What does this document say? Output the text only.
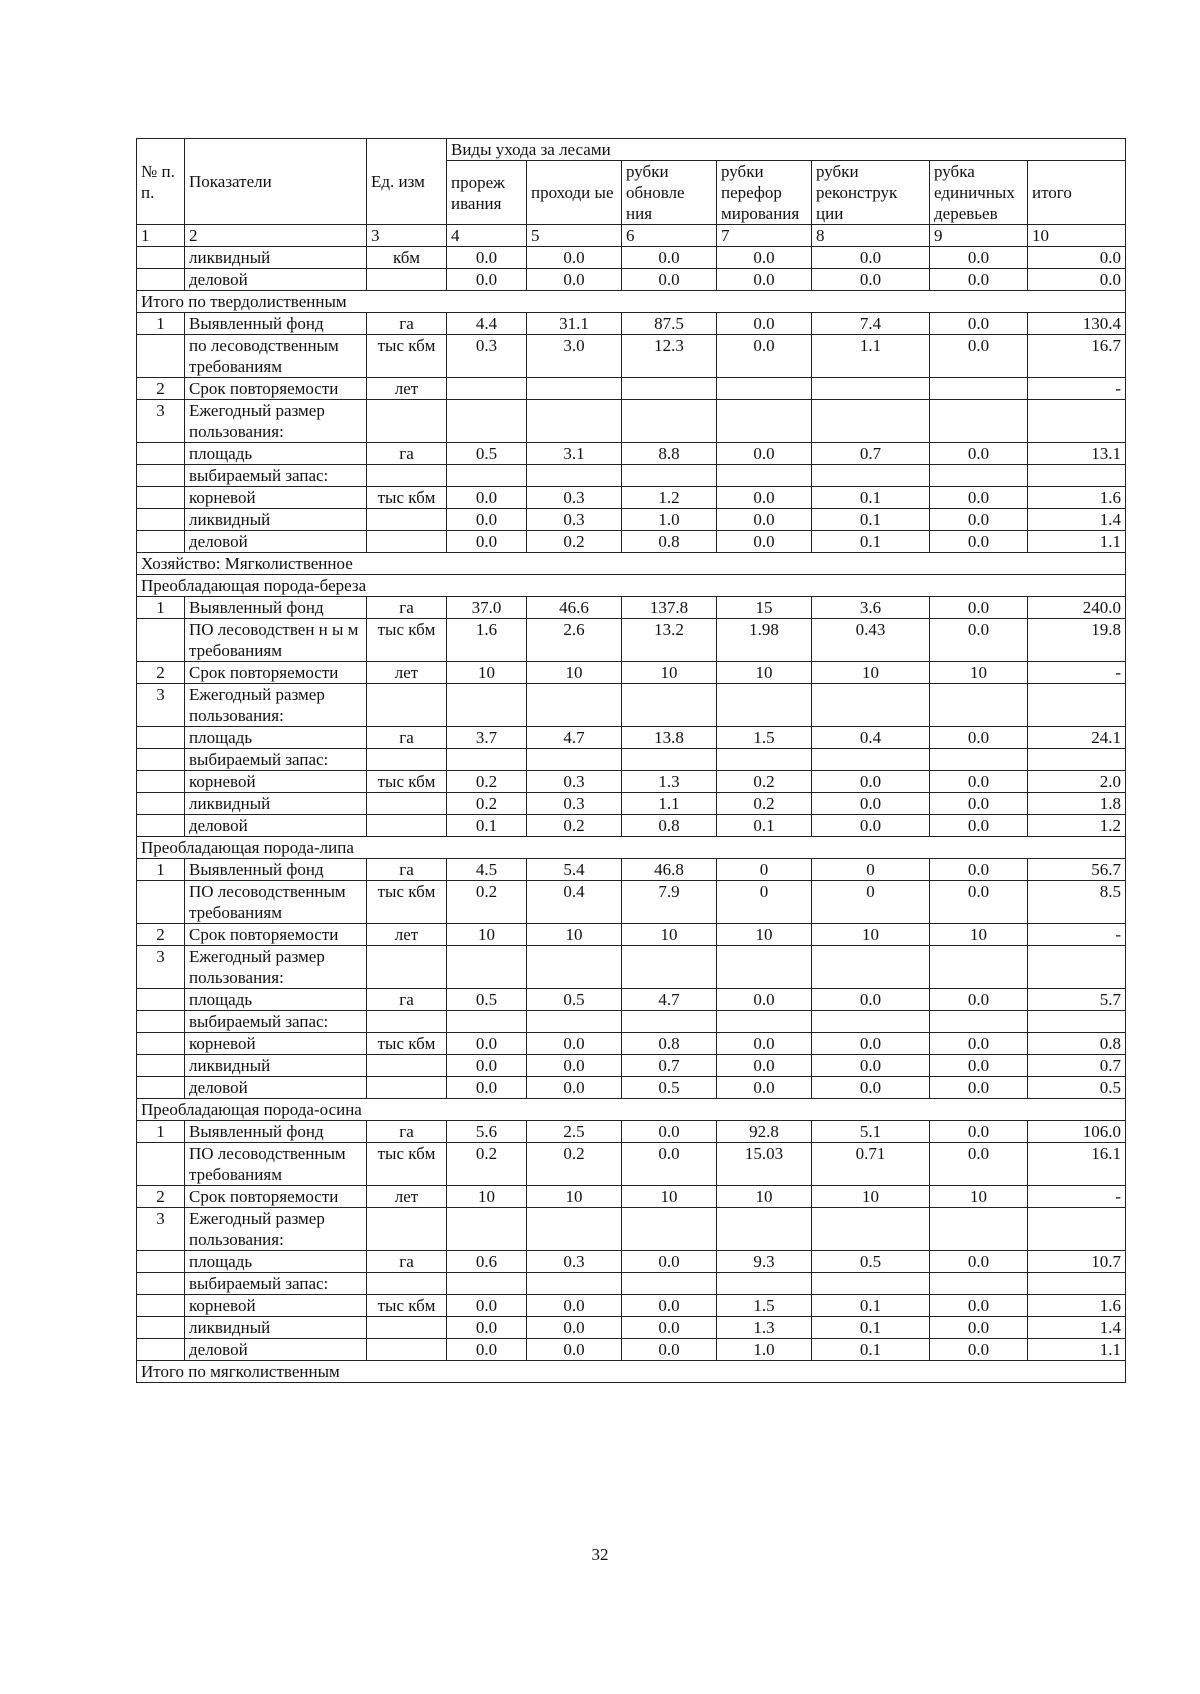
№ п. п.	Показатели	Ед. изм	Виды ухода за лесами						
			прореж ивания	проходи ые	рубки обновле ния	рубки перефор мирования	рубки реконструк ции	рубка единичных деревьев	итого
1	2	3	4	5	6	7	8	9	10
	ликвидный	кбм	0.0	0.0	0.0	0.0	0.0	0.0	0.0
	деловой		0.0	0.0	0.0	0.0	0.0	0.0	0.0
Итого по твердолиственным									
1	Выявленный фонд	га	4.4	31.1	87.5	0.0	7.4	0.0	130.4
	по лесоводственным требованиям	тыс кбм	0.3	3.0	12.3	0.0	1.1	0.0	16.7
2	Срок повторяемости	лет							-
3	Ежегодный размер пользования:								
	площадь	га	0.5	3.1	8.8	0.0	0.7	0.0	13.1
	выбираемый запас:								
	корневой	тыс кбм	0.0	0.3	1.2	0.0	0.1	0.0	1.6
	ликвидный		0.0	0.3	1.0	0.0	0.1	0.0	1.4
	деловой		0.0	0.2	0.8	0.0	0.1	0.0	1.1
Хозяйство: Мягколиственное									
Преобладающая порода-береза									
1	Выявленный фонд	га	37.0	46.6	137.8	15	3.6	0.0	240.0
	ПО лесоводствен н ы м требованиям	тыс кбм	1.6	2.6	13.2	1.98	0.43	0.0	19.8
2	Срок повторяемости	лет	10	10	10	10	10	10	-
3	Ежегодный размер пользования:								
	площадь	га	3.7	4.7	13.8	1.5	0.4	0.0	24.1
	выбираемый запас:								
	корневой	тыс кбм	0.2	0.3	1.3	0.2	0.0	0.0	2.0
	ликвидный		0.2	0.3	1.1	0.2	0.0	0.0	1.8
	деловой		0.1	0.2	0.8	0.1	0.0	0.0	1.2
Преобладающая порода-липа									
1	Выявленный фонд	га	4.5	5.4	46.8	0	0	0.0	56.7
	ПО лесоводственным требованиям	тыс кбм	0.2	0.4	7.9	0	0	0.0	8.5
2	Срок повторяемости	лет	10	10	10	10	10	10	-
3	Ежегодный размер пользования:								
	площадь	га	0.5	0.5	4.7	0.0	0.0	0.0	5.7
	выбираемый запас:								
	корневой	тыс кбм	0.0	0.0	0.8	0.0	0.0	0.0	0.8
	ликвидный		0.0	0.0	0.7	0.0	0.0	0.0	0.7
	деловой		0.0	0.0	0.5	0.0	0.0	0.0	0.5
Преобладающая порода-осина									
1	Выявленный фонд	га	5.6	2.5	0.0	92.8	5.1	0.0	106.0
	ПО лесоводственным требованиям	тыс кбм	0.2	0.2	0.0	15.03	0.71	0.0	16.1
2	Срок повторяемости	лет	10	10	10	10	10	10	-
3	Ежегодный размер пользования:								
	площадь	га	0.6	0.3	0.0	9.3	0.5	0.0	10.7
	выбираемый запас:								
	корневой	тыс кбм	0.0	0.0	0.0	1.5	0.1	0.0	1.6
	ликвидный		0.0	0.0	0.0	1.3	0.1	0.0	1.4
	деловой		0.0	0.0	0.0	1.0	0.1	0.0	1.1
Итого по мягколиственным									
32
